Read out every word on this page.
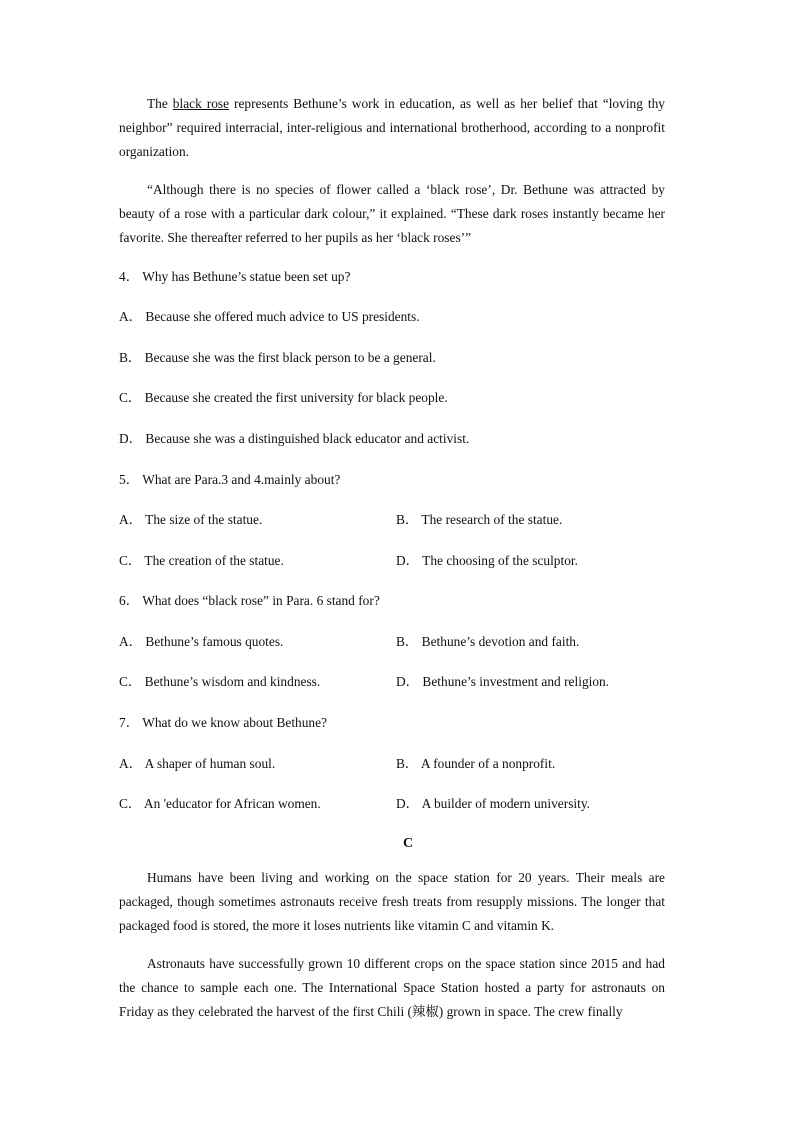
The black rose represents Bethune’s work in education, as well as her belief that “loving thy neighbor” required interracial, inter-religious and international brotherhood, according to a nonprofit organization.

“Although there is no species of flower called a ‘black rose’, Dr. Bethune was attracted by beauty of a rose with a particular dark colour,” it explained. “These dark roses instantly became her favorite. She thereafter referred to her pupils as her ‘black roses’”

4． Why has Bethune’s statue been set up?

A． Because she offered much advice to US presidents.

B． Because she was the first black person to be a general.

C． Because she created the first university for black people.

D． Because she was a distinguished black educator and activist.

5． What are Para.3 and 4.mainly about?

A． The size of the statue.	B． The research of the statue.

C． The creation of the statue.	D． The choosing of the sculptor.

6． What does “black rose” in Para. 6 stand for?

A． Bethune’s famous quotes.	B． Bethune’s devotion and faith.

C． Bethune’s wisdom and kindness.	D． Bethune’s investment and religion.

7． What do we know about Bethune?

A． A shaper of human soul.	B． A founder of a nonprofit.

C． An 'educator for African women.	D． A builder of modern university.

C

Humans have been living and working on the space station for 20 years. Their meals are packaged, though sometimes astronauts receive fresh treats from resupply missions. The longer that packaged food is stored, the more it loses nutrients like vitamin C and vitamin K.

Astronauts have successfully grown 10 different crops on the space station since 2015 and had the chance to sample each one. The International Space Station hosted a party for astronauts on Friday as they celebrated the harvest of the first Chili (辣椒) grown in space. The crew finally
